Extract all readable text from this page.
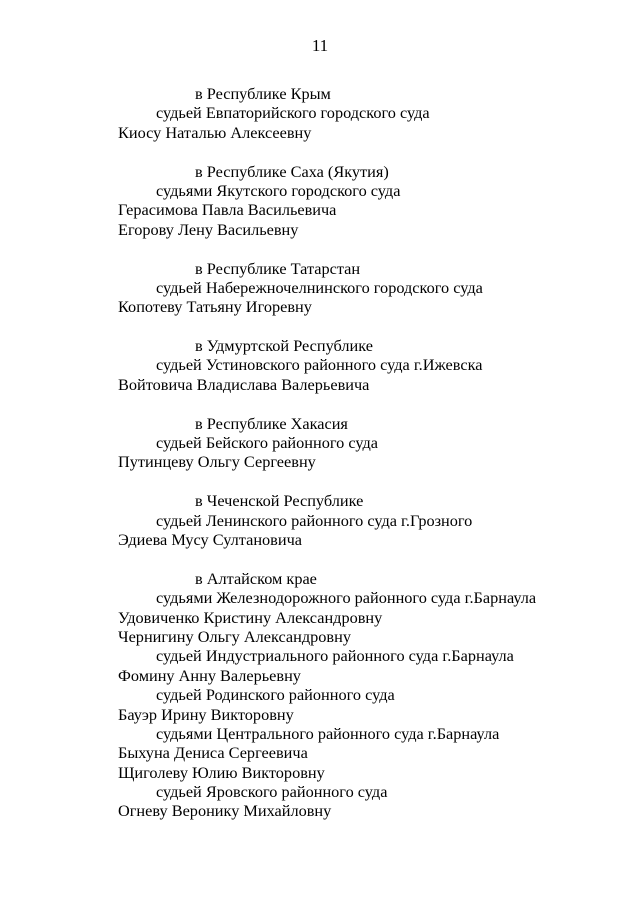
11
в Республике Крым
судьей Евпаторийского городского суда
Киосу Наталью Алексеевну
в Республике Саха (Якутия)
судьями Якутского городского суда
Герасимова Павла Васильевича
Егорову Лену Васильевну
в Республике Татарстан
судьей Набережночелнинского городского суда
Копотеву Татьяну Игоревну
в Удмуртской Республике
судьей Устиновского районного суда г.Ижевска
Войтовича Владислава Валерьевича
в Республике Хакасия
судьей Бейского районного суда
Путинцеву Ольгу Сергеевну
в Чеченской Республике
судьей Ленинского районного суда г.Грозного
Эдиева Мусу Султановича
в Алтайском крае
судьями Железнодорожного районного суда г.Барнаула
Удовиченко Кристину Александровну
Чернигину Ольгу Александровну
судьей Индустриального районного суда г.Барнаула
Фомину Анну Валерьевну
судьей Родинского районного суда
Бауэр Ирину Викторовну
судьями Центрального районного суда г.Барнаула
Быхуна Дениса Сергеевича
Щиголеву Юлию Викторовну
судьей Яровского районного суда
Огневу Веронику Михайловну
